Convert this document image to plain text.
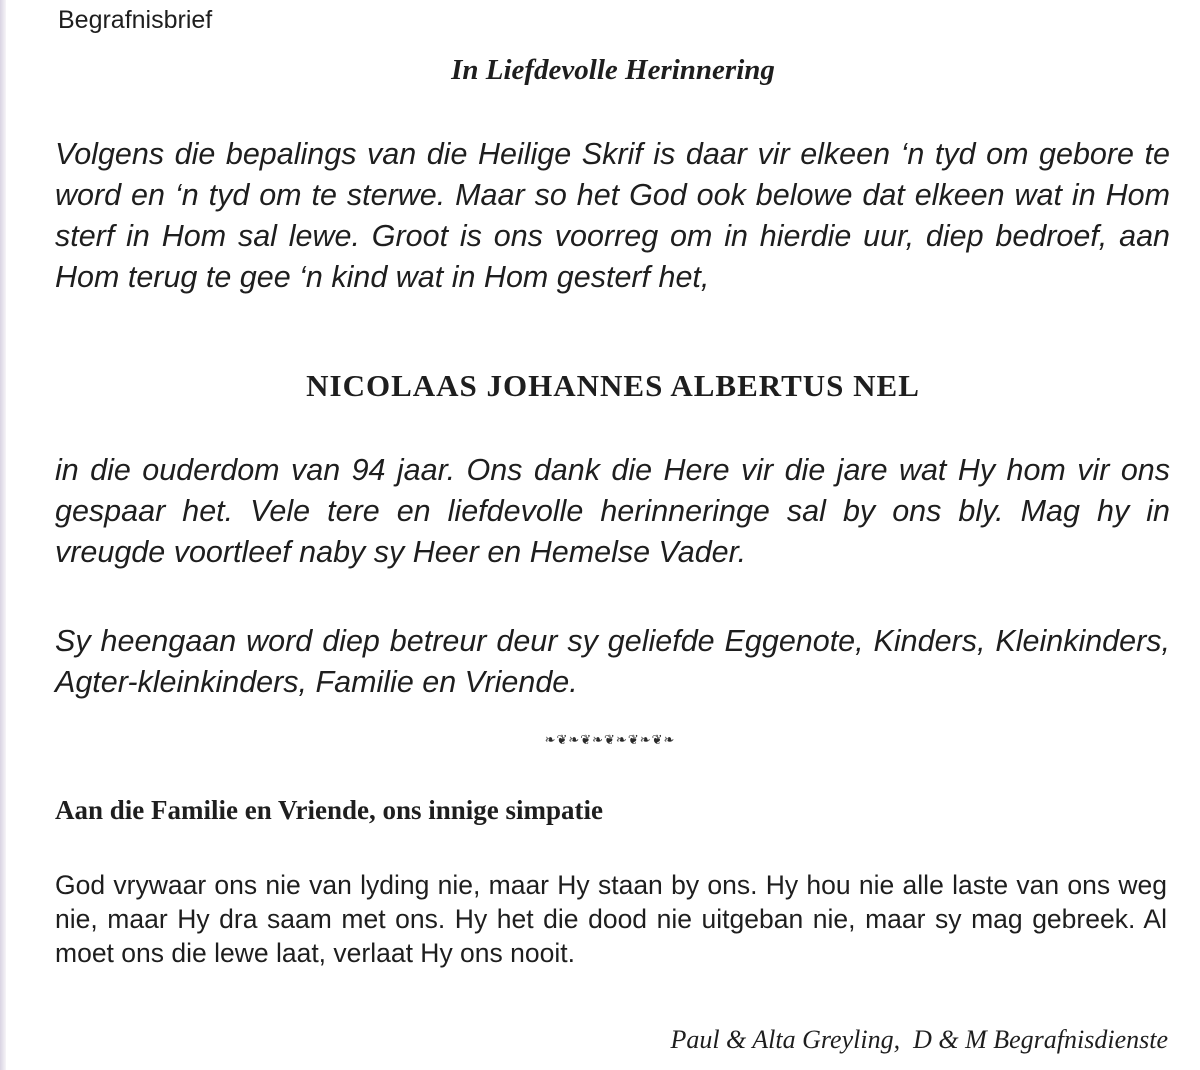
Begrafnisbrief
In Liefdevolle Herinnering

Volgens die bepalings van die Heilige Skrif is daar vir elkeen ‘n tyd om gebore te word en ‘n tyd om te sterwe. Maar so het God ook belowe dat elkeen wat in Hom sterf in Hom sal lewe. Groot is ons voorreg om in hierdie uur, diep bedroef, aan Hom terug te gee ‘n kind wat in Hom gesterf het,

NICOLAAS JOHANNES ALBERTUS NEL

in die ouderdom van 94 jaar. Ons dank die Here vir die jare wat Hy hom vir ons gespaar het. Vele tere en liefdevolle herinneringe sal by ons bly. Mag hy in vreugde voortleef naby sy Heer en Hemelse Vader.

Sy heengaan word diep betreur deur sy geliefde Eggenote, Kinders, Kleinkinders, Agter-kleinkinders, Familie en Vriende.

❧❦❧❦❧❦❧❦❧❦❧
Aan die Familie en Vriende, ons innige simpatie

God vrywaar ons nie van lyding nie, maar Hy staan by ons. Hy hou nie alle laste van ons weg nie, maar Hy dra saam met ons. Hy het die dood nie uitgeban nie, maar sy mag gebreek. Al moet ons die lewe laat, verlaat Hy ons nooit.

Paul & Alta Greyling,  D & M Begrafnisdienste
